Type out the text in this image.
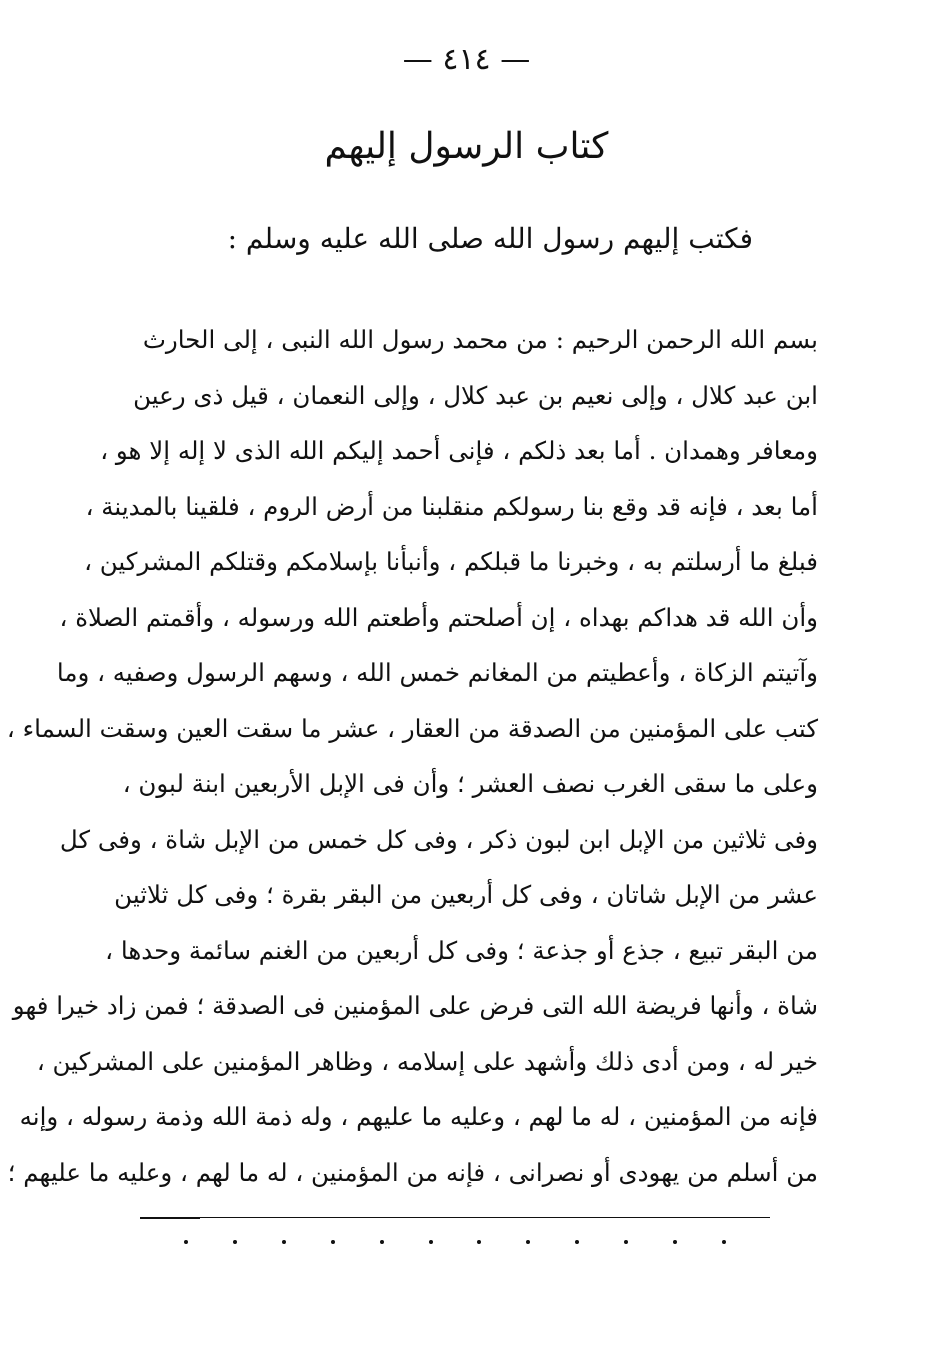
— ٤١٤ —
كتاب الرسول إليهم
فكتب إليهم رسول الله صلى الله عليه وسلم :
بسم الله الرحمن الرحيم : من محمد رسول الله النبى ، إلى الحارث
ابن عبد كلال ، وإلى نعيم بن عبد كلال ، وإلى النعمان ، قيل ذى رعين
ومعافر وهمدان . أما بعد ذلكم ، فإنى أحمد إليكم الله الذى لا إله إلا هو ،
أما بعد ، فإنه قد وقع بنا رسولكم منقلبنا من أرض الروم ، فلقينا بالمدينة ،
فبلغ ما أرسلتم به ، وخبرنا ما قبلكم ، وأنبأنا بإسلامكم وقتلكم المشركين ،
وأن الله قد هداكم بهداه ، إن أصلحتم وأطعتم الله ورسوله ، وأقمتم الصلاة ،
وآتيتم الزكاة ، وأعطيتم من المغانم خمس الله ، وسهم الرسول وصفيه ، وما
كتب على المؤمنين من الصدقة من العقار ، عشر ما سقت العين وسقت السماء ،
وعلى ما سقى الغرب نصف العشر ؛ وأن فى الإبل الأربعين ابنة لبون ،
وفى ثلاثين من الإبل ابن لبون ذكر ، وفى كل خمس من الإبل شاة ، وفى كل
عشر من الإبل شاتان ، وفى كل أربعين من البقر بقرة ؛ وفى كل ثلاثين
من البقر تبيع ، جذع أو جذعة ؛ وفى كل أربعين من الغنم سائمة وحدها ،
شاة ، وأنها فريضة الله التى فرض على المؤمنين فى الصدقة ؛ فمن زاد خيرا فهو
خير له ، ومن أدى ذلك وأشهد على إسلامه ، وظاهر المؤمنين على المشركين ،
فإنه من المؤمنين ، له ما لهم ، وعليه ما عليهم ، وله ذمة الله وذمة رسوله ، وإنه
من أسلم من يهودى أو نصرانى ، فإنه من المؤمنين ، له ما لهم ، وعليه ما عليهم ؛
